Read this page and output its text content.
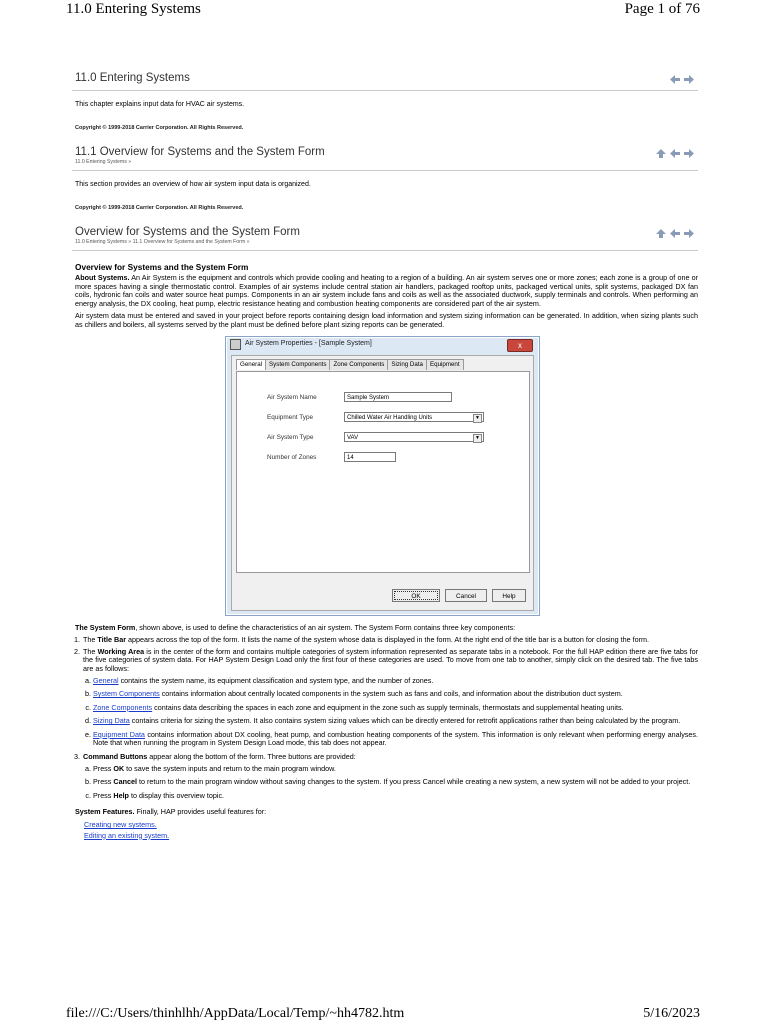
11.0 Entering Systems	Page 1 of 76
11.0 Entering Systems
This chapter explains input data for HVAC air systems.
Copyright © 1999-2018 Carrier Corporation. All Rights Reserved.
11.1 Overview for Systems and the System Form
11.0 Entering Systems »
This section provides an overview of how air system input data is organized.
Copyright © 1999-2018 Carrier Corporation. All Rights Reserved.
Overview for Systems and the System Form
11.0 Entering Systems » 11.1 Overview for Systems and the System Form »
Overview for Systems and the System Form

About Systems. An Air System is the equipment and controls which provide cooling and heating to a region of a building. An air system serves one or more zones; each zone is a group of one or more spaces having a single thermostatic control. Examples of air systems include central station air handlers, packaged rooftop units, packaged vertical units, split systems, packaged DX fan coils, hydronic fan coils and water source heat pumps. Components in an air system include fans and coils as well as the associated ductwork, supply terminals and controls. When performing an energy analysis, the DX cooling, heat pump, electric resistance heating and combustion heating components are considered part of the air system.

Air system data must be entered and saved in your project before reports containing design load information and system sizing information can be generated. In addition, when sizing plants such as chillers and boilers, all systems served by the plant must be defined before plant sizing reports can be generated.

Air System Properties - [Sample System]	x
General	System Components	Zone Components	Sizing Data	Equipment
Air System Name	Sample System
Equipment Type	Chilled Water Air Handling Units	▼
Air System Type	VAV	▼
Number of Zones	14
OK	Cancel	Help

The System Form, shown above, is used to define the characteristics of an air system. The System Form contains three key components:

1. The Title Bar appears across the top of the form. It lists the name of the system whose data is displayed in the form. At the right end of the title bar is a button for closing the form.
2. The Working Area is in the center of the form and contains multiple categories of system information represented as separate tabs in a notebook. For the full HAP edition there are five tabs for the five categories of system data. For HAP System Design Load only the first four of these categories are used. To move from one tab to another, simply click on the desired tab. The five tabs are as follows:
a. General contains the system name, its equipment classification and system type, and the number of zones.
b. System Components contains information about centrally located components in the system such as fans and coils, and information about the distribution duct system.
c. Zone Components contains data describing the spaces in each zone and equipment in the zone such as supply terminals, thermostats and supplemental heating units.
d. Sizing Data contains criteria for sizing the system. It also contains system sizing values which can be directly entered for retrofit applications rather than being calculated by the program.
e. Equipment Data contains information about DX cooling, heat pump, and combustion heating components of the system. This information is only relevant when performing energy analyses. Note that when running the program in System Design Load mode, this tab does not appear.
3. Command Buttons appear along the bottom of the form. Three buttons are provided:
a. Press OK to save the system inputs and return to the main program window.
b. Press Cancel to return to the main program window without saving changes to the system. If you press Cancel while creating a new system, a new system will not be added to your project.
c. Press Help to display this overview topic.

System Features. Finally, HAP provides useful features for:

Creating new systems.
Editing an existing system.
file:///C:/Users/thinhlhh/AppData/Local/Temp/~hh4782.htm	5/16/2023
